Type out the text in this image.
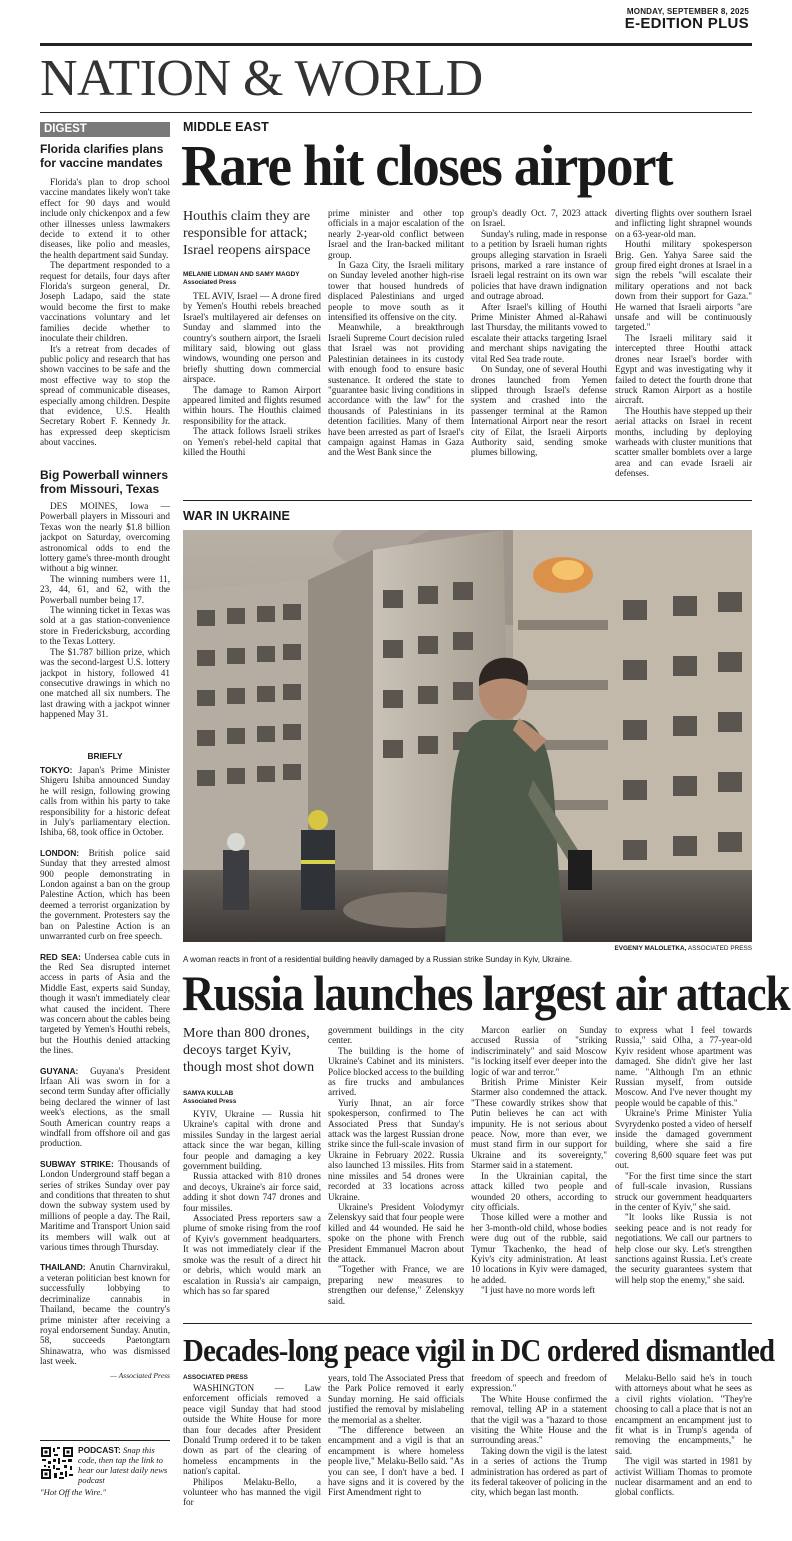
MONDAY, SEPTEMBER 8, 2025
E-EDITION PLUS
NATION & WORLD
DIGEST
Florida clarifies plans for vaccine mandates

Florida's plan to drop school vaccine mandates likely won't take effect for 90 days and would include only chickenpox and a few other illnesses unless lawmakers decide to extend it to other diseases, like polio and measles, the health department said Sunday.

The department responded to a request for details, four days after Florida's surgeon general, Dr. Joseph Ladapo, said the state would become the first to make vaccinations voluntary and let families decide whether to inoculate their children.

It's a retreat from decades of public policy and research that has shown vaccines to be safe and the most effective way to stop the spread of communicable diseases, especially among children. Despite that evidence, U.S. Health Secretary Robert F. Kennedy Jr. has expressed deep skepticism about vaccines.

Big Powerball winners from Missouri, Texas

DES MOINES, Iowa — Powerball players in Missouri and Texas won the nearly $1.8 billion jackpot on Saturday, overcoming astronomical odds to end the lottery game's three-month drought without a big winner.

The winning numbers were 11, 23, 44, 61, and 62, with the Powerball number being 17.

The winning ticket in Texas was sold at a gas station-convenience store in Fredericksburg, according to the Texas Lottery.

The $1.787 billion prize, which was the second-largest U.S. lottery jackpot in history, followed 41 consecutive drawings in which no one matched all six numbers. The last drawing with a jackpot winner happened May 31.

BRIEFLY

TOKYO: Japan's Prime Minister Shigeru Ishiba announced Sunday he will resign, following growing calls from within his party to take responsibility for a historic defeat in July's parliamentary election. Ishiba, 68, took office in October.

LONDON: British police said Sunday that they arrested almost 900 people demonstrating in London against a ban on the group Palestine Action, which has been deemed a terrorist organization by the government. Protesters say the ban on Palestine Action is an unwarranted curb on free speech.

RED SEA: Undersea cable cuts in the Red Sea disrupted internet access in parts of Asia and the Middle East, experts said Sunday, though it wasn't immediately clear what caused the incident. There was concern about the cables being targeted by Yemen's Houthi rebels, but the Houthis denied attacking the lines.

GUYANA: Guyana's President Irfaan Ali was sworn in for a second term Sunday after officially being declared the winner of last week's elections, as the small South American country reaps a windfall from offshore oil and gas production.

SUBWAY STRIKE: Thousands of London Underground staff began a series of strikes Sunday over pay and conditions that threaten to shut down the subway system used by millions of people a day. The Rail, Maritime and Transport Union said its members will walk out at various times through Thursday.

THAILAND: Anutin Charnvirakul, a veteran politician best known for successfully lobbying to decriminalize cannabis in Thailand, became the country's prime minister after receiving a royal endorsement Sunday. Anutin, 58, succeeds Paetongtarn Shinawatra, who was dismissed last week.

— Associated Press

PODCAST: Snap this code, then tap the link to hear our latest daily news podcast
"Hot Off the Wire."
MIDDLE EAST
Rare hit closes airport
Houthis claim they are responsible for attack; Israel reopens airspace
MELANIE LIDMAN AND SAMY MAGDY
Associated Press

TEL AVIV, Israel — A drone fired by Yemen's Houthi rebels breached Israel's multilayered air defenses on Sunday and slammed into the country's southern airport, the Israeli military said, blowing out glass windows, wounding one person and briefly shutting down commercial airspace.

The damage to Ramon Airport appeared limited and flights resumed within hours. The Houthis claimed responsibility for the attack.

The attack follows Israeli strikes on Yemen's rebel-held capital that killed the Houthi

prime minister and other top officials in a major escalation of the nearly 2-year-old conflict between Israel and the Iran-backed militant group.

In Gaza City, the Israeli military on Sunday leveled another high-rise tower that housed hundreds of displaced Palestinians and urged people to move south as it intensified its offensive on the city.

Meanwhile, a breakthrough Israeli Supreme Court decision ruled that Israel was not providing Palestinian detainees in its custody with enough food to ensure basic sustenance. It ordered the state to "guarantee basic living conditions in accordance with the law" for the thousands of Palestinians in its detention facilities. Many of them have been arrested as part of Israel's campaign against Hamas in Gaza and the West Bank since the

group's deadly Oct. 7, 2023 attack on Israel.

Sunday's ruling, made in response to a petition by Israeli human rights groups alleging starvation in Israeli prisons, marked a rare instance of Israeli legal restraint on its own war policies that have drawn indignation and outrage abroad.

After Israel's killing of Houthi Prime Minister Ahmed al-Rahawi last Thursday, the militants vowed to escalate their attacks targeting Israel and merchant ships navigating the vital Red Sea trade route.

On Sunday, one of several Houthi drones launched from Yemen slipped through Israel's defense system and crashed into the passenger terminal at the Ramon International Airport near the resort city of Eilat, the Israeli Airports Authority said, sending smoke plumes billowing,

diverting flights over southern Israel and inflicting light shrapnel wounds on a 63-year-old man.

Houthi military spokesperson Brig. Gen. Yahya Saree said the group fired eight drones at Israel in a sign the rebels "will escalate their military operations and not back down from their support for Gaza." He warned that Israeli airports "are unsafe and will be continuously targeted."

The Israeli military said it intercepted three Houthi attack drones near Israel's border with Egypt and was investigating why it failed to detect the fourth drone that struck Ramon Airport as a hostile aircraft.

The Houthis have stepped up their aerial attacks on Israel in recent months, including by deploying warheads with cluster munitions that scatter smaller bomblets over a large area and can evade Israeli air defenses.

WAR IN UKRAINE
EVGENIY MALOLETKA, ASSOCIATED PRESS
A woman reacts in front of a residential building heavily damaged by a Russian strike Sunday in Kyiv, Ukraine.
Russia launches largest air attack
More than 800 drones, decoys target Kyiv, though most shot down
SAMYA KULLAB
Associated Press

KYIV, Ukraine — Russia hit Ukraine's capital with drone and missiles Sunday in the largest aerial attack since the war began, killing four people and damaging a key government building.

Russia attacked with 810 drones and decoys, Ukraine's air force said, adding it shot down 747 drones and four missiles.

Associated Press reporters saw a plume of smoke rising from the roof of Kyiv's government headquarters. It was not immediately clear if the smoke was the result of a direct hit or debris, which would mark an escalation in Russia's air campaign, which has so far spared

government buildings in the city center.

The building is the home of Ukraine's Cabinet and its ministers. Police blocked access to the building as fire trucks and ambulances arrived.

Yuriy Ihnat, an air force spokesperson, confirmed to The Associated Press that Sunday's attack was the largest Russian drone strike since the full-scale invasion of Ukraine in February 2022. Russia also launched 13 missiles. Hits from nine missiles and 54 drones were recorded at 33 locations across Ukraine.

Ukraine's President Volodymyr Zelenskyy said that four people were killed and 44 wounded. He said he spoke on the phone with French President Emmanuel Macron about the attack.

"Together with France, we are preparing new measures to strengthen our defense," Zelenskyy said.

Marcon earlier on Sunday accused Russia of "striking indiscriminately" and said Moscow "is locking itself ever deeper into the logic of war and terror."

British Prime Minister Keir Starmer also condemned the attack. "These cowardly strikes show that Putin believes he can act with impunity. He is not serious about peace. Now, more than ever, we must stand firm in our support for Ukraine and its sovereignty," Starmer said in a statement.

In the Ukrainian capital, the attack killed two people and wounded 20 others, according to city officials.

Those killed were a mother and her 3-month-old child, whose bodies were dug out of the rubble, said Tymur Tkachenko, the head of Kyiv's city administration. At least 10 locations in Kyiv were damaged, he added.

"I just have no more words left

to express what I feel towards Russia," said Olha, a 77-year-old Kyiv resident whose apartment was damaged. She didn't give her last name. "Although I'm an ethnic Russian myself, from outside Moscow. And I've never thought my people would be capable of this."

Ukraine's Prime Minister Yulia Svyrydenko posted a video of herself inside the damaged government building, where she said a fire covering 8,600 square feet was put out.

"For the first time since the start of full-scale invasion, Russians struck our government headquarters in the center of Kyiv," she said.

"It looks like Russia is not seeking peace and is not ready for negotiations. We call our partners to help close our sky. Let's strengthen sanctions against Russia. Let's create the security guarantees system that will help stop the enemy," she said.

Decades-long peace vigil in DC ordered dismantled
ASSOCIATED PRESS

WASHINGTON — Law enforcement officials removed a peace vigil Sunday that had stood outside the White House for more than four decades after President Donald Trump ordered it to be taken down as part of the clearing of homeless encampments in the nation's capital.

Philipos Melaku-Bello, a volunteer who has manned the vigil for

years, told The Associated Press that the Park Police removed it early Sunday morning. He said officials justified the removal by mislabeling the memorial as a shelter.

"The difference between an encampment and a vigil is that an encampment is where homeless people live," Melaku-Bello said. "As you can see, I don't have a bed. I have signs and it is covered by the First Amendment right to

freedom of speech and freedom of expression."

The White House confirmed the removal, telling AP in a statement that the vigil was a "hazard to those visiting the White House and the surrounding areas."

Taking down the vigil is the latest in a series of actions the Trump administration has ordered as part of its federal takeover of policing in the city, which began last month.

Melaku-Bello said he's in touch with attorneys about what he sees as a civil rights violation. "They're choosing to call a place that is not an encampment an encampment just to fit what is in Trump's agenda of removing the encampments," he said.

The vigil was started in 1981 by activist William Thomas to promote nuclear disarmament and an end to global conflicts.
